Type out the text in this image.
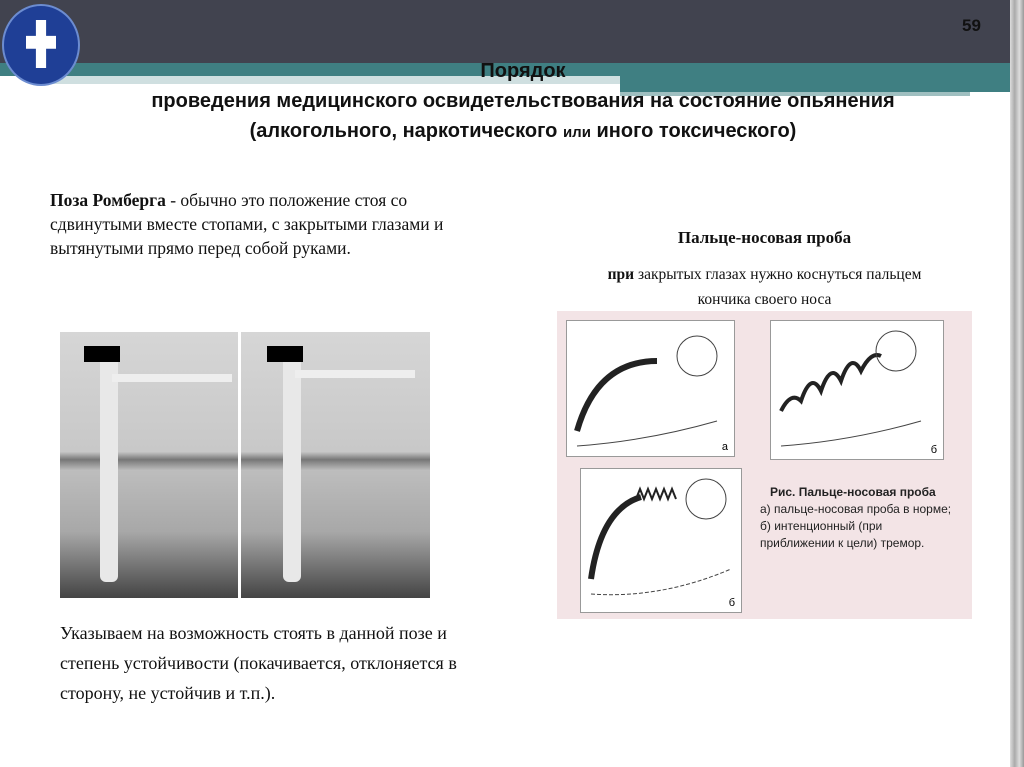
59
Порядок
проведения медицинского освидетельствования на состояние опьянения
(алкогольного, наркотического или иного токсического)
Поза Ромберга - обычно это положение стоя со сдвинутыми вместе стопами, с закрытыми глазами и вытянутыми прямо перед собой руками.
Указываем на возможность стоять в данной позе и степень устойчивости (покачивается, отклоняется в сторону, не устойчив и т.п.).
Пальце-носовая проба
при закрытых глазах нужно коснуться пальцем кончика своего носа
а	б
б
Рис. Пальце-носовая проба
а) пальце-носовая проба в норме;
б) интенционный (при
приближении к цели) тремор.
